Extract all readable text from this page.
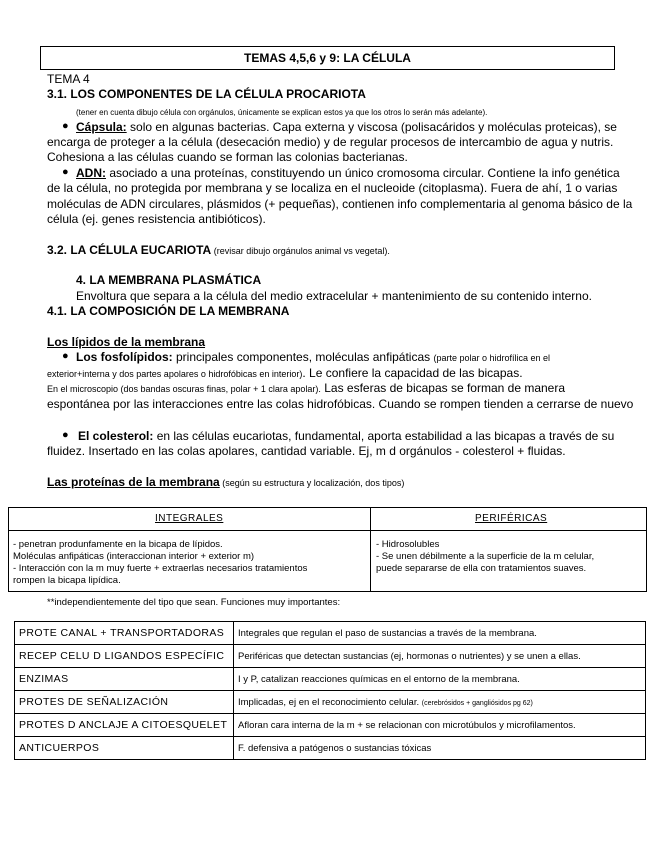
TEMAS 4,5,6 y 9: LA CÉLULA
TEMA 4
3.1. LOS COMPONENTES DE LA CÉLULA PROCARIOTA
(tener en cuenta dibujo célula con orgánulos, únicamente se explican estos ya que los otros lo serán más adelante).
● Cápsula: solo en algunas bacterias. Capa externa y viscosa (polisacáridos y moléculas proteicas), se
encarga de proteger a la célula (desecación medio) y de regular procesos de intercambio de agua y nutris.
Cohesiona a las células cuando se forman las colonias bacterianas.
● ADN: asociado a una proteínas, constituyendo un único cromosoma circular. Contiene la info genética
de la célula, no protegida por membrana y se localiza en el nucleoide (citoplasma). Fuera de ahí, 1 o varias
moléculas de ADN circulares, plásmidos (+ pequeñas), contienen info complementaria al genoma básico de la
célula (ej. genes resistencia antibióticos).
3.2. LA CÉLULA EUCARIOTA (revisar dibujo orgánulos animal vs vegetal).
4. LA MEMBRANA PLASMÁTICA
Envoltura que separa a la célula del medio extracelular + mantenimiento de su contenido interno.
4.1. LA COMPOSICIÓN DE LA MEMBRANA
Los lípidos de la membrana
● Los fosfolípidos: principales componentes, moléculas anfipáticas (parte polar o hidrofílica en el
exterior+interna y dos partes apolares o hidrofóbicas en interior). Le confiere la capacidad de las bicapas.
En el microscopio (dos bandas oscuras finas, polar + 1 clara apolar). Las esferas de bicapas se forman de manera
espontánea por las interacciones entre las colas hidrofóbicas. Cuando se rompen tienden a cerrarse de nuevo
● El colesterol: en las células eucariotas, fundamental, aporta estabilidad a las bicapas a través de su
fluidez. Insertado en las colas apolares, cantidad variable. Ej, m d orgánulos - colesterol + fluidas.
Las proteínas de la membrana (según su estructura y localización, dos tipos)
INTEGRALES	PERIFÉRICAS
- penetran produnfamente en la bicapa de lípidos.
Moléculas anfipáticas (interaccionan interior + exterior m)
- Interacción con la m muy fuerte + extraerlas necesarios tratamientos
rompen la bicapa lipídica.
- Hidrosolubles
- Se unen débilmente a la superficie de la m celular,
puede separarse de ella con tratamientos suaves.
**independientemente del tipo que sean. Funciones muy importantes:
PROTE CANAL + TRANSPORTADORAS	Integrales que regulan el paso de sustancias a través de la membrana.
RECEP CELU D LIGANDOS ESPECÍFIC	Periféricas que detectan sustancias (ej, hormonas o nutrientes) y se unen a ellas.
ENZIMAS	I y P, catalizan reacciones químicas en el entorno de la membrana.
PROTES DE SEÑALIZACIÓN	Implicadas, ej en el reconocimiento celular. (cerebrósidos + gangliósidos pg 62)
PROTES D ANCLAJE A CITOESQUELET	Afloran cara interna de la m + se relacionan con microtúbulos y microfilamentos.
ANTICUERPOS	F. defensiva a patógenos o sustancias tóxicas
